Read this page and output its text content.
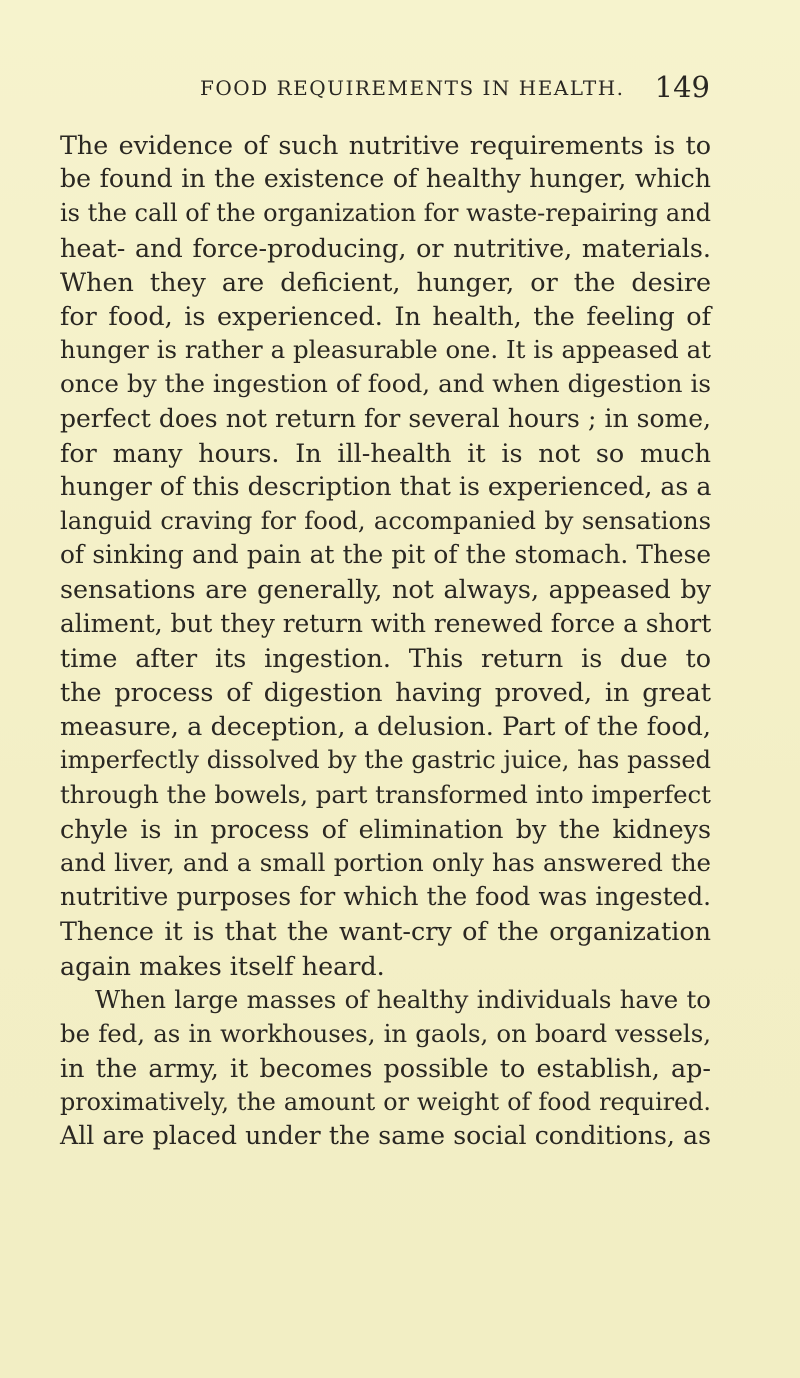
FOOD REQUIREMENTS IN HEALTH. 149
The evidence of such nutritive requirements is to
be found in the existence of healthy hunger, which
is the call of the organization for waste-repairing and
heat- and force-producing, or nutritive, materials.
When they are deficient, hunger, or the desire
for food, is experienced. In health, the feeling of
hunger is rather a pleasurable one. It is appeased at
once by the ingestion of food, and when digestion is
perfect does not return for several hours ; in some,
for many hours. In ill-health it is not so much
hunger of this description that is experienced, as a
languid craving for food, accompanied by sensations
of sinking and pain at the pit of the stomach. These
sensations are generally, not always, appeased by
aliment, but they return with renewed force a short
time after its ingestion. This return is due to
the process of digestion having proved, in great
measure, a deception, a delusion. Part of the food,
imperfectly dissolved by the gastric juice, has passed
through the bowels, part transformed into imperfect
chyle is in process of elimination by the kidneys
and liver, and a small portion only has answered the
nutritive purposes for which the food was ingested.
Thence it is that the want-cry of the organization
again makes itself heard.
When large masses of healthy individuals have to
be fed, as in workhouses, in gaols, on board vessels,
in the army, it becomes possible to establish, ap-
proximatively, the amount or weight of food required.
All are placed under the same social conditions, as
